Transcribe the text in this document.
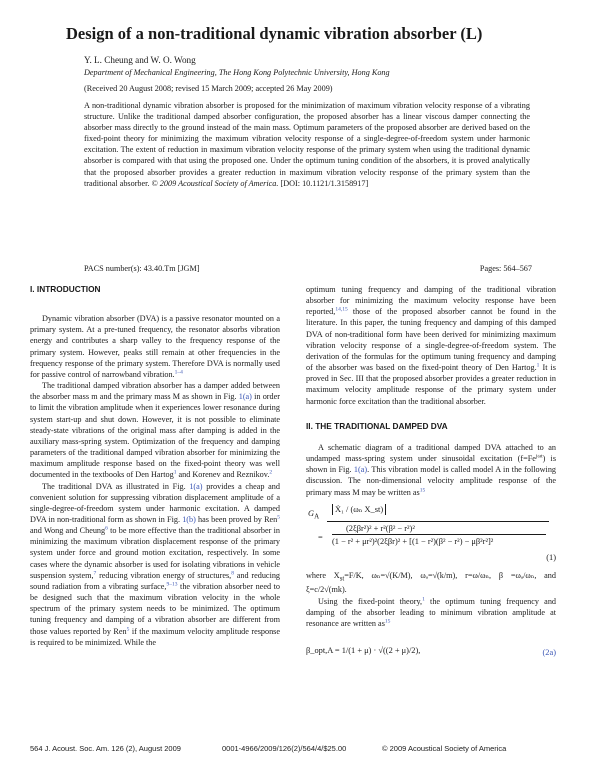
Design of a non-traditional dynamic vibration absorber (L)
Y. L. Cheung and W. O. Wong
Department of Mechanical Engineering, The Hong Kong Polytechnic University, Hong Kong
(Received 20 August 2008; revised 15 March 2009; accepted 26 May 2009)
A non-traditional dynamic vibration absorber is proposed for the minimization of maximum vibration velocity response of a vibrating structure. Unlike the traditional damped absorber configuration, the proposed absorber has a linear viscous damper connecting the absorber mass directly to the ground instead of the main mass. Optimum parameters of the proposed absorber are derived based on the fixed-point theory for minimizing the maximum vibration velocity response of a single-degree-of-freedom system under harmonic excitation. The extent of reduction in maximum vibration velocity response of the primary system when using the traditional dynamic absorber is compared with that using the proposed one. Under the optimum tuning condition of the absorbers, it is proved analytically that the proposed absorber provides a greater reduction in maximum vibration velocity response of the primary system than the traditional absorber. © 2009 Acoustical Society of America. [DOI: 10.1121/1.3158917]
PACS number(s): 43.40.Tm [JGM]	Pages: 564–567
I. INTRODUCTION

Dynamic vibration absorber (DVA) is a passive resonator mounted on a primary system. At a pre-tuned frequency, the resonator absorbs vibration energy and contributes a sharp valley to the frequency response of the primary system. However, peaks still remain at other frequencies in the frequency response of the primary system. Therefore DVA is normally used for passive control of narrowband vibration.$^{1-4}$

The traditional damped vibration absorber has a damper added between the absorber mass m and the primary mass M as shown in Fig. 1(a) in order to limit the vibration amplitude when it experiences lower resonance during system start-up and shut down. However, it is not possible to eliminate steady-state vibrations of the original mass after damping is added in the auxiliary mass-spring system. Optimization of the frequency and damping parameters of the traditional damped vibration absorber for minimizing the maximum amplitude response based on the fixed-point theory was well documented in the textbooks of Den Hartog$^1$ and Korenev and Reznikov.$^2$

The traditional DVA as illustrated in Fig. 1(a) provides a cheap and convenient solution for suppressing vibration displacement amplitude of a single-degree-of-freedom system under harmonic excitation. A damped DVA in non-traditional form as shown in Fig. 1(b) has been proved by Ren$^5$ and Wong and Cheung$^6$ to be more effective than the traditional absorber in minimizing the maximum vibration displacement response of the primary system under force and ground motion excitation, respectively. In some cases where the dynamic absorber is used for isolating vibrations in vehicle suspension system,$^7$ reducing vibration energy of structures,$^8$ and reducing sound radiation from a vibrating surface,$^{9-13}$ the vibration absorber need to be designed such that the maximum vibration velocity in the whole spectrum of the primary system needs to be minimized. The optimum tuning frequency and damping of a vibration absorber are different from those values reported by Ren$^5$ if the maximum velocity amplitude response is required to be minimized. While the

optimum tuning frequency and damping of the traditional vibration absorber for minimizing the maximum velocity response have been reported,$^{14,15}$ those of the proposed absorber cannot be found in the literature. In this paper, the tuning frequency and damping of this damped DVA of non-traditional form have been derived for minimizing maximum vibration velocity response of a single-degree-of-freedom system. The derivation of the formulas for the optimum tuning frequency and damping of the absorber was based on the fixed-point theory of Den Hartog.$^1$ It is proved in Sec. III that the proposed absorber provides a greater reduction in maximum velocity amplitude response of the primary system under harmonic force excitation than the traditional absorber.

II. THE TRADITIONAL DAMPED DVA

A schematic diagram of a traditional damped DVA attached to an undamped mass-spring system under sinusoidal excitation $(f=Fe^{j\omega t})$ is shown in Fig. 1(a). This vibration model is called model A in the following discussion. The non-dimensional velocity amplitude response of the primary mass M may be written $as^{15}$

$G_A$
Ẋ₁ / (ωₙ X_st)
=
(2ξβr²)² + r²(β² − r²)²
(1 − r² + μr²)²(2ξβr)² + [(1 − r²)(β² − r²) − μβ²r²]²
(1)

where $X_{st}=F/K$, ωₙ=√(K/M), ωₐ=√(k/m), r=ω/ωₙ, β =ωₐ/ωₙ, and ξ=c/2√(mk).

Using the fixed-point theory,$^1$ the optimum tuning frequency and damping of the absorber leading to minimum vibration amplitude at resonance are written $as^{15}$

β_opt,A = 1/(1 + μ) · √((2 + μ)/2),	(2a)
564 J. Acoust. Soc. Am. 126 (2), August 2009	0001-4966/2009/126(2)/564/4/$25.00	© 2009 Acoustical Society of America
